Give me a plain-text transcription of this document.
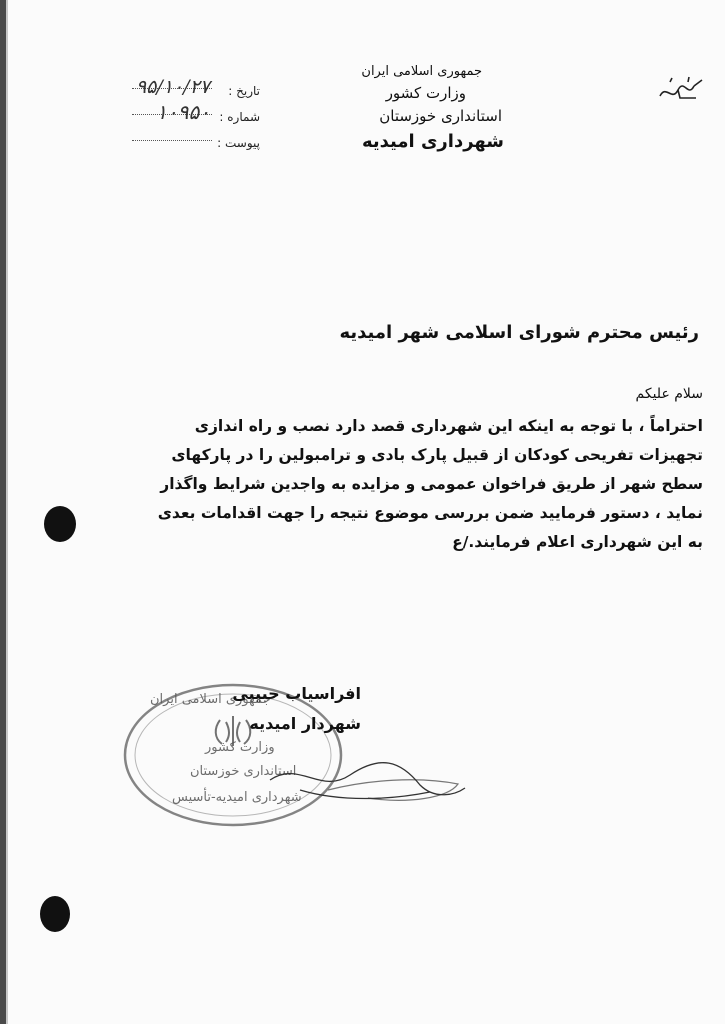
جمهوری اسلامی ایران
وزارت کشور
استانداری خوزستان
شهرداری امیدیه
تاریخ :
۹۵/۱۰/۲۷
شماره :
۱۰۹۵۰
پیوست :
رئیس محترم شورای اسلامی شهر امیدیه
سلام علیکم
احتراماً ، با توجه به اینکه این شهرداری قصد دارد نصب و راه اندازی
تجهیزات تفریحی کودکان از قبیل پارک بادی و ترامبولین را در پارکهای
سطح شهر از طریق فراخوان عمومی و مزایده به واجدین شرایط واگذار
نماید ، دستور فرمایید ضمن بررسی موضوع نتیجه را جهت اقدامات بعدی
به این شهرداری اعلام فرمایند./ع
جمهوری اسلامی ایران
وزارت کشور
استانداری خوزستان
شهرداری امیدیه-تأسیس
افراسیاب حبیبی
شهردار امیدیه
